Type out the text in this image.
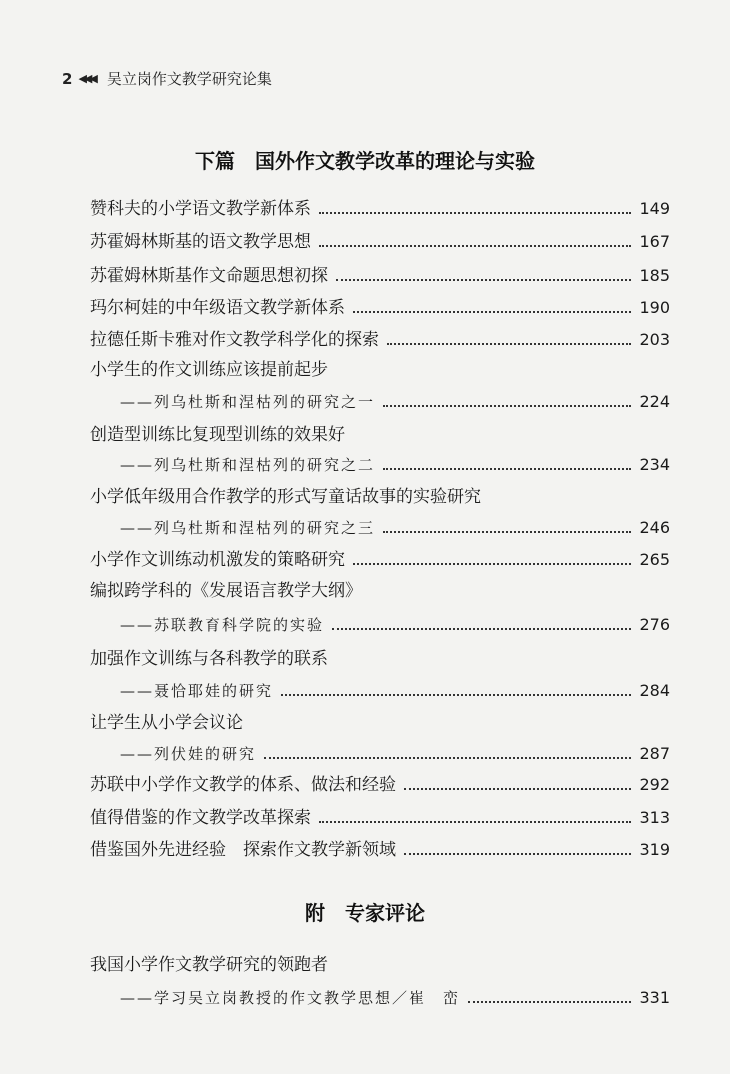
2 ◀◀◀ 吴立岗作文教学研究论集
下篇　国外作文教学改革的理论与实验
赞科夫的小学语文教学新体系	149
苏霍姆林斯基的语文教学思想	167
苏霍姆林斯基作文命题思想初探	185
玛尔柯娃的中年级语文教学新体系	190
拉德任斯卡雅对作文教学科学化的探索	203
小学生的作文训练应该提前起步
——列乌杜斯和涅枯列的研究之一	224
创造型训练比复现型训练的效果好
——列乌杜斯和涅枯列的研究之二	234
小学低年级用合作教学的形式写童话故事的实验研究
——列乌杜斯和涅枯列的研究之三	246
小学作文训练动机激发的策略研究	265
编拟跨学科的《发展语言教学大纲》
——苏联教育科学院的实验	276
加强作文训练与各科教学的联系
——聂恰耶娃的研究	284
让学生从小学会议论
——列伏娃的研究	287
苏联中小学作文教学的体系、做法和经验	292
值得借鉴的作文教学改革探索	313
借鉴国外先进经验　探索作文教学新领域	319
附　专家评论
我国小学作文教学研究的领跑者
——学习吴立岗教授的作文教学思想／崔　峦	331
